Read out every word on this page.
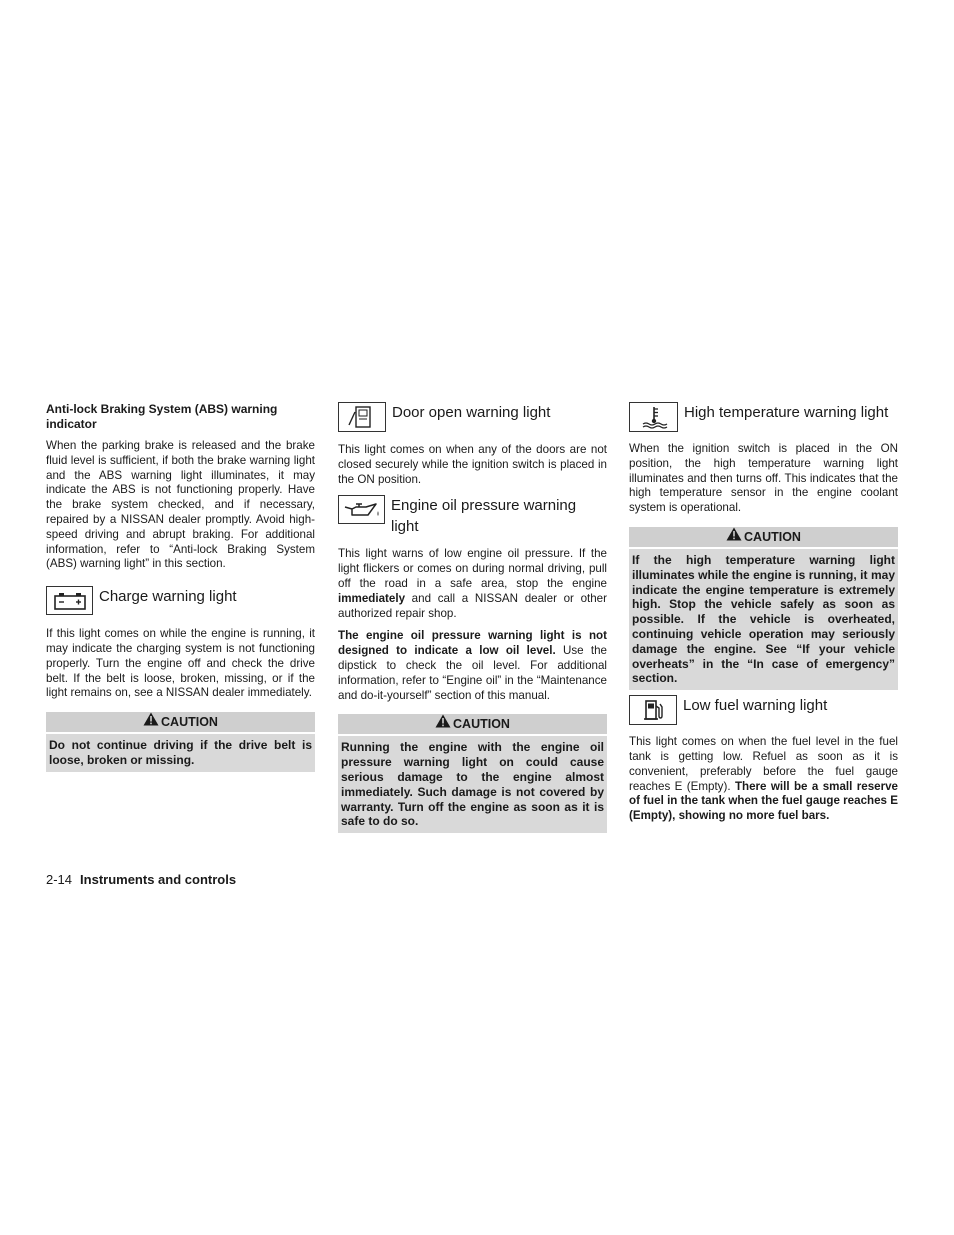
Anti-lock Braking System (ABS) warning indicator

When the parking brake is released and the brake fluid level is sufficient, if both the brake warning light and the ABS warning light illuminates, it may indicate the ABS is not functioning properly. Have the brake system checked, and if necessary, repaired by a NISSAN dealer promptly. Avoid high-speed driving and abrupt braking. For additional information, refer to “Anti-lock Braking System (ABS) warning light” in this section.

Charge warning light

If this light comes on while the engine is running, it may indicate the charging system is not functioning properly. Turn the engine off and check the drive belt. If the belt is loose, broken, missing, or if the light remains on, see a NISSAN dealer immediately.

CAUTION
Do not continue driving if the drive belt is loose, broken or missing.
Door open warning light

This light comes on when any of the doors are not closed securely while the ignition switch is placed in the ON position.

Engine oil pressure warning light

This light warns of low engine oil pressure. If the light flickers or comes on during normal driving, pull off the road in a safe area, stop the engine immediately and call a NISSAN dealer or other authorized repair shop.

The engine oil pressure warning light is not designed to indicate a low oil level. Use the dipstick to check the oil level. For additional information, refer to “Engine oil” in the “Maintenance and do-it-yourself” section of this manual.

CAUTION
Running the engine with the engine oil pressure warning light on could cause serious damage to the engine almost immediately. Such damage is not covered by warranty. Turn off the engine as soon as it is safe to do so.
High temperature warning light

When the ignition switch is placed in the ON position, the high temperature warning light illuminates and then turns off. This indicates that the high temperature sensor in the engine coolant system is operational.

CAUTION
If the high temperature warning light illuminates while the engine is running, it may indicate the engine temperature is extremely high. Stop the vehicle safely as soon as possible. If the vehicle is overheated, continuing vehicle operation may seriously damage the engine. See “If your vehicle overheats” in the “In case of emergency” section.
Low fuel warning light

This light comes on when the fuel level in the fuel tank is getting low. Refuel as soon as it is convenient, preferably before the fuel gauge reaches E (Empty). There will be a small reserve of fuel in the tank when the fuel gauge reaches E (Empty), showing no more fuel bars.

2-14 Instruments and controls
